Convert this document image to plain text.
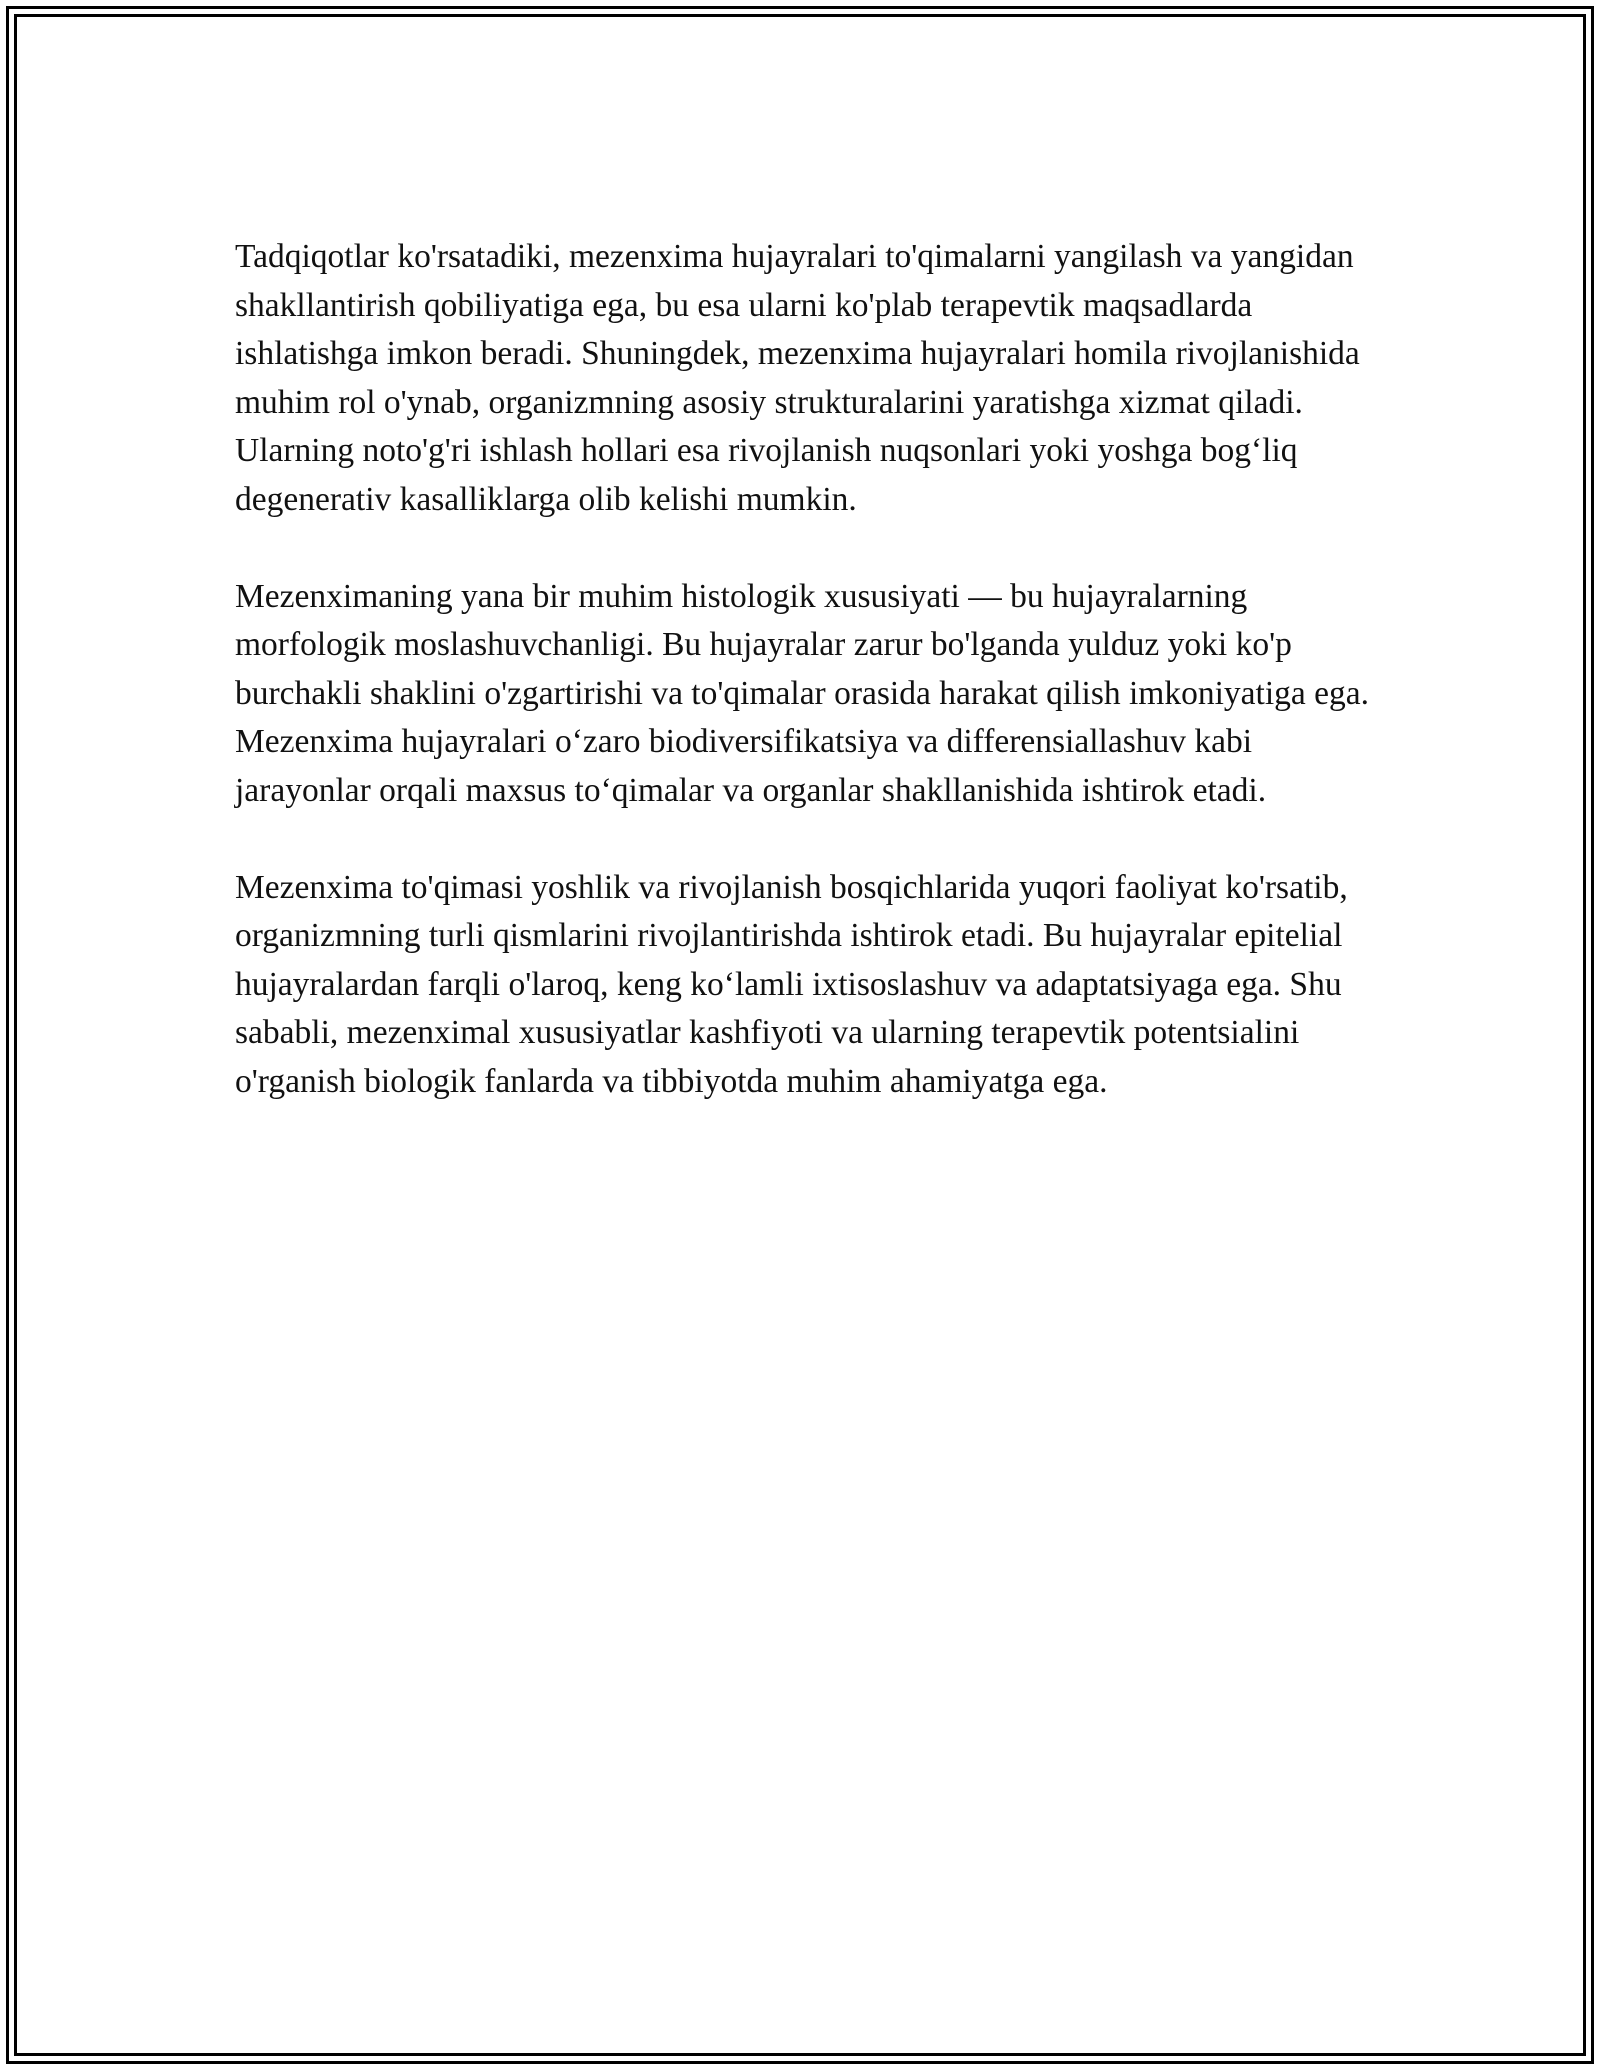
Tadqiqotlar ko'rsatadiki, mezenxima hujayralari to'qimalarni yangilash va yangidan shakllantirish qobiliyatiga ega, bu esa ularni ko'plab terapevtik maqsadlarda ishlatishga imkon beradi. Shuningdek, mezenxima hujayralari homila rivojlanishida muhim rol o'ynab, organizmning asosiy strukturalarini yaratishga xizmat qiladi. Ularning noto'g'ri ishlash hollari esa rivojlanish nuqsonlari yoki yoshga bog‘liq degenerativ kasalliklarga olib kelishi mumkin.

Mezenximaning yana bir muhim histologik xususiyati — bu hujayralarning morfologik moslashuvchanligi. Bu hujayralar zarur bo'lganda yulduz yoki ko'p burchakli shaklini o'zgartirishi va to'qimalar orasida harakat qilish imkoniyatiga ega. Mezenxima hujayralari o‘zaro biodiversifikatsiya va differensiallashuv kabi jarayonlar orqali maxsus to‘qimalar va organlar shakllanishida ishtirok etadi.

Mezenxima to'qimasi yoshlik va rivojlanish bosqichlarida yuqori faoliyat ko'rsatib, organizmning turli qismlarini rivojlantirishda ishtirok etadi. Bu hujayralar epitelial hujayralardan farqli o'laroq, keng ko‘lamli ixtisoslashuv va adaptatsiyaga ega. Shu sababli, mezenximal xususiyatlar kashfiyoti va ularning terapevtik potentsialini o'rganish biologik fanlarda va tibbiyotda muhim ahamiyatga ega.
